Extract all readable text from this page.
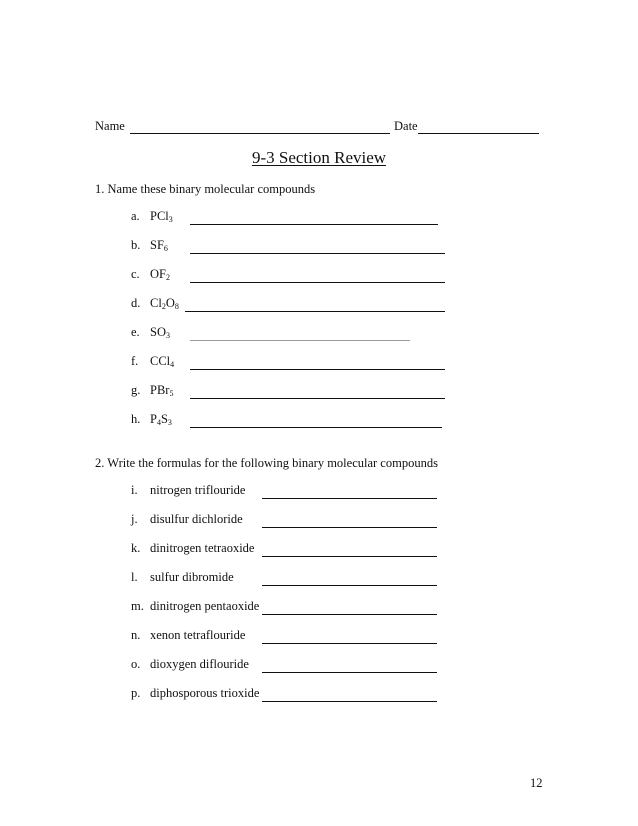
Name	Date
9-3 Section Review
1. Name these binary molecular compounds
a. PCl$_3$
b. $SF_6$
c. $OF_2$
d. $Cl_2O_8$
e. $SO_3$
f. CCl$_4$
g. PBr$_5$
h. $P_4S_3$
2. Write the formulas for the following binary molecular compounds
i. nitrogen triflouride
j. disulfur dichloride
k. dinitrogen tetraoxide
l. sulfur dibromide
m. dinitrogen pentaoxide
n. xenon tetraflouride
o. dioxygen diflouride
p. diphosporous trioxide
12
